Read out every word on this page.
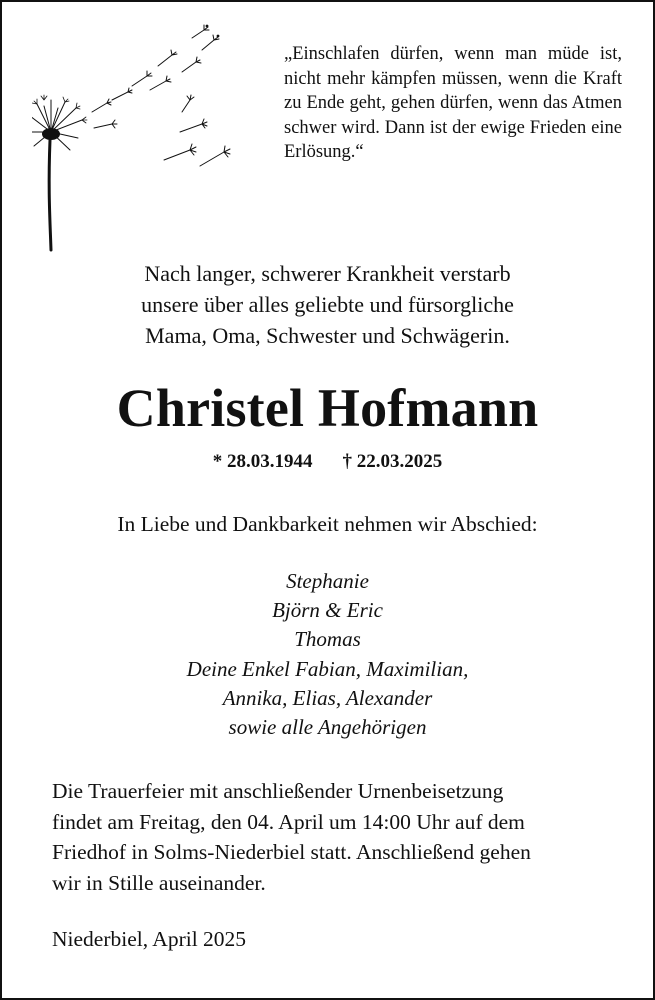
„Einschlafen dürfen, wenn man müde ist, nicht mehr kämpfen müssen, wenn die Kraft zu Ende geht, gehen dürfen, wenn das Atmen schwer wird. Dann ist der ewige Frieden eine Erlösung.“

Nach langer, schwerer Krankheit verstarb
unsere über alles geliebte und fürsorgliche
Mama, Oma, Schwester und Schwägerin.
Christel Hofmann
* 28.03.1944 † 22.03.2025
In Liebe und Dankbarkeit nehmen wir Abschied:
Stephanie
Björn & Eric
Thomas
Deine Enkel Fabian, Maximilian,
Annika, Elias, Alexander
sowie alle Angehörigen
Die Trauerfeier mit anschließender Urnenbeisetzung
findet am Freitag, den 04. April um 14:00 Uhr auf dem
Friedhof in Solms-Niederbiel statt. Anschließend gehen
wir in Stille auseinander.
Niederbiel, April 2025
